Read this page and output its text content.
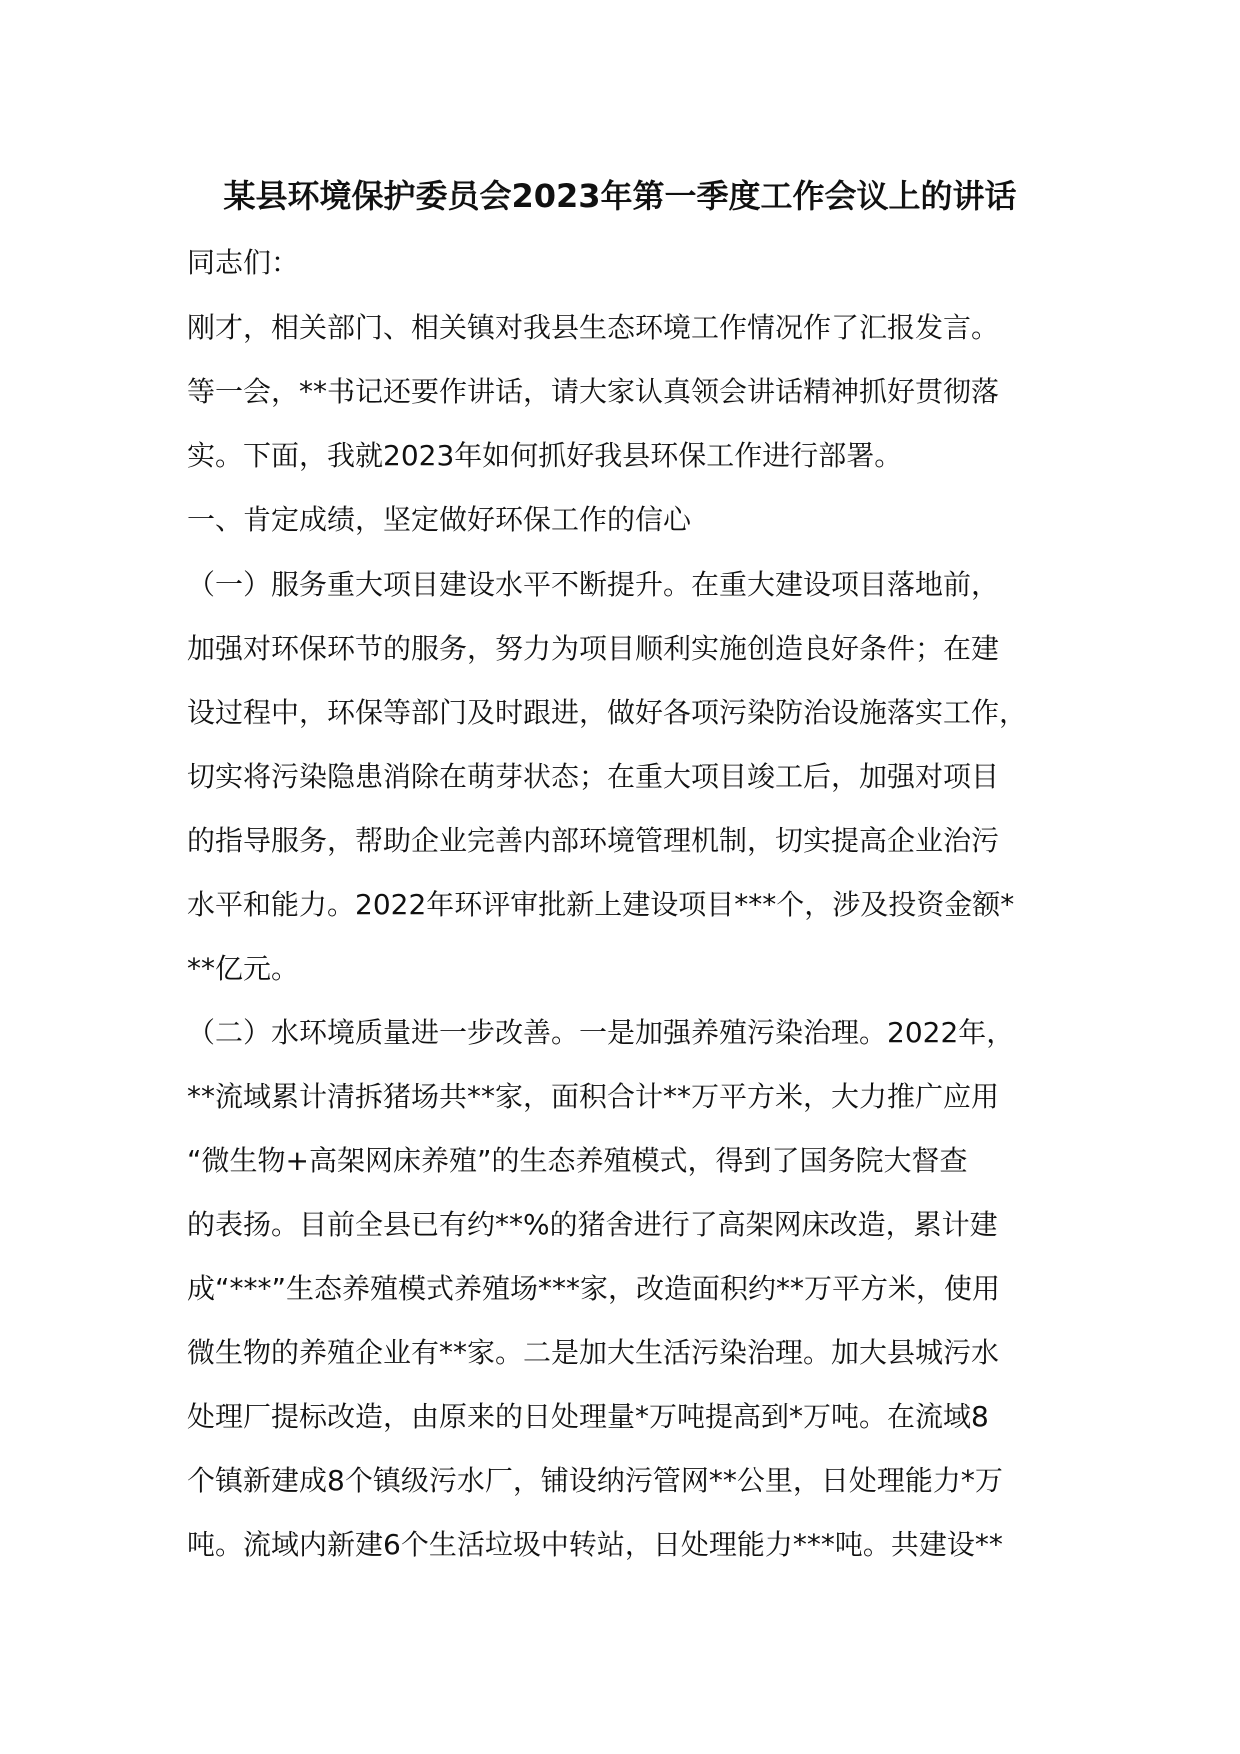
某县环境保护委员会2023年第一季度工作会议上的讲话
同志们：
刚才，相关部门、相关镇对我县生态环境工作情况作了汇报发言。
等一会，**书记还要作讲话，请大家认真领会讲话精神抓好贯彻落
实。下面，我就2023年如何抓好我县环保工作进行部署。
一、肯定成绩，坚定做好环保工作的信心
（一）服务重大项目建设水平不断提升。在重大建设项目落地前，
加强对环保环节的服务，努力为项目顺利实施创造良好条件；在建
设过程中，环保等部门及时跟进，做好各项污染防治设施落实工作，
切实将污染隐患消除在萌芽状态；在重大项目竣工后，加强对项目
的指导服务，帮助企业完善内部环境管理机制，切实提高企业治污
水平和能力。2022年环评审批新上建设项目***个，涉及投资金额*
**亿元。
（二）水环境质量进一步改善。一是加强养殖污染治理。2022年，
**流域累计清拆猪场共**家，面积合计**万平方米，大力推广应用
“微生物+高架网床养殖”的生态养殖模式，得到了国务院大督查
的表扬。目前全县已有约**%的猪舍进行了高架网床改造，累计建
成“***”生态养殖模式养殖场***家，改造面积约**万平方米，使用
微生物的养殖企业有**家。二是加大生活污染治理。加大县城污水
处理厂提标改造，由原来的日处理量*万吨提高到*万吨。在流域8
个镇新建成8个镇级污水厂，铺设纳污管网**公里，日处理能力*万
吨。流域内新建6个生活垃圾中转站，日处理能力***吨。共建设**
